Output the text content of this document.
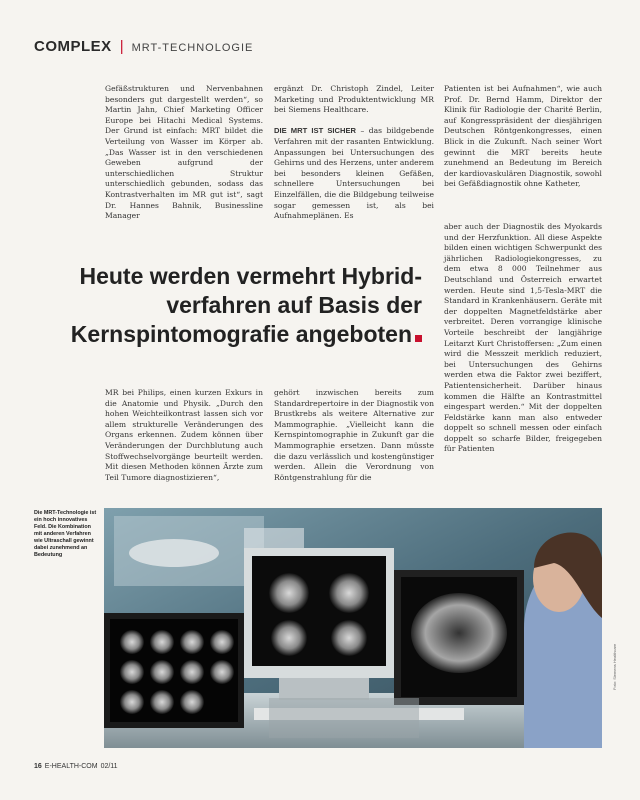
COMPLEX | MRT-TECHNOLOGIE
Gefäßstrukturen und Nervenbahnen besonders gut dargestellt werden“, so Martin Jahn, Chief Marketing Officer Europe bei Hitachi Medical Systems. Der Grund ist einfach: MRT bildet die Verteilung von Wasser im Körper ab. „Das Wasser ist in den verschiedenen Geweben aufgrund der unterschiedlichen Struktur unterschiedlich gebunden, sodass das Kontrastverhalten im MR gut ist“, sagt Dr. Hannes Bahnik, Businessline Manager
ergänzt Dr. Christoph Zindel, Leiter Marketing und Produktentwicklung MR bei Siemens Healthcare.

DIE MRT IST SICHER – das bildgebende Verfahren mit der rasanten Entwicklung. Anpassungen bei Untersuchungen des Gehirns und des Herzens, unter anderem bei besonders kleinen Gefäßen, schnellere Untersuchungen bei Einzelfällen, die die Bildgebung teilweise sogar gemessen ist, als bei Aufnahmeplänen. Es
Patienten ist bei Aufnahmen“, wie auch Prof. Dr. Bernd Hamm, Direktor der Klinik für Radiologie der Charité Berlin, auf Kongresspräsident der diesjährigen Deutschen Röntgenkongresses, einen Blick in die Zukunft. Nach seiner Wort gewinnt die MRT bereits heute zunehmend an Bedeutung im Bereich der kardiovaskulären Diagnostik, sowohl bei Gefäßdiagnostik ohne Katheter,
aber auch der Diagnostik des Myokards und der Herzfunktion. All diese Aspekte bilden einen wichtigen Schwerpunkt des jährlichen Radiologiekongresses, zu dem etwa 8 000 Teilnehmer aus Deutschland und Österreich erwartet werden. Heute sind 1,5-Tesla-MRT die Standard in Krankenhäusern. Geräte mit der doppelten Magnetfeldstärke aber verbreitet. Deren vorrangige klinische Vorteile beschreibt der langjährige Leitarzt Kurt Christoffersen: „Zum einen wird die Messzeit merklich reduziert, bei Untersuchungen des Gehirns werden etwa die Faktor zwei beziffert, Patientensicherheit. Darüber hinaus kommen die Hälfte an Kontrastmittel eingespart werden.“ Mit der doppelten Feldstärke kann man also entweder doppelt so schnell messen oder einfach doppelt so scharfe Bilder, freigegeben für Patienten
Heute werden vermehrt Hybrid-
verfahren auf Basis der
Kernspintomografie angeboten
MR bei Philips, einen kurzen Exkurs in die Anatomie und Physik. „Durch den hohen Weichteilkontrast lassen sich vor allem strukturelle Veränderungen des Organs erkennen. Zudem können über Veränderungen der Durchblutung auch Stoffwechselvorgänge beurteilt werden. Mit diesen Methoden können Ärzte zum Teil Tumore diagnostizieren“,
gehört inzwischen bereits zum Standardrepertoire in der Diagnostik von Brustkrebs als weitere Alternative zur Mammographie. „Vielleicht kann die Kernspintomographie in Zukunft gar die Mammographie ersetzen. Dann müsste die dazu verlässlich und kostengünstiger werden. Allein die Verordnung von Röntgenstrahlung für die
Die MRT-Technologie ist ein hoch innovatives Feld. Die Kombination mit anderen Verfahren wie Ultraschall gewinnt dabei zunehmend an Bedeutung
16 E-HEALTH-COM 02/11
Foto: Siemens Healthcare
